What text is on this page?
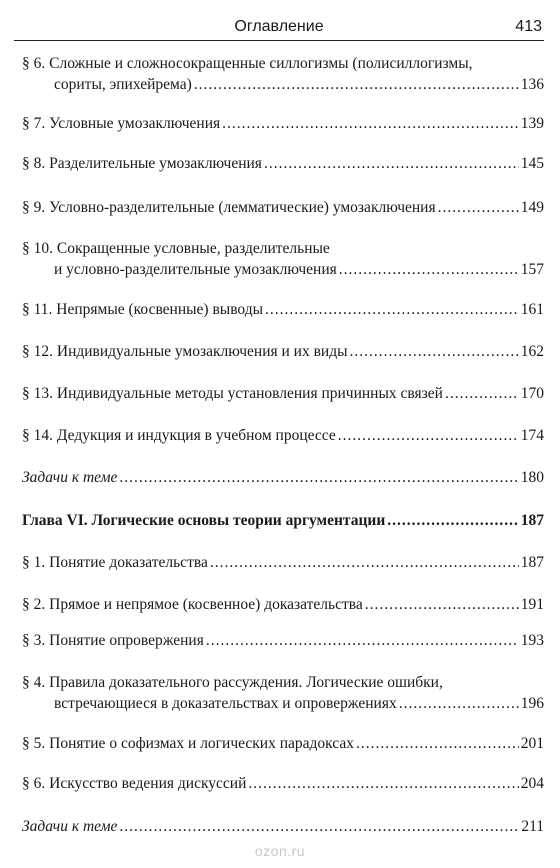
Оглавление	413
§ 6. Сложные и сложносокращенные силлогизмы (полисиллогизмы,
сориты, эпихейрема) .....	136
§ 7. Условные умозаключения .....	139
§ 8. Разделительные умозаключения .....	145
§ 9. Условно-разделительные (лемматические) умозаключения .....	149
§ 10. Сокращенные условные, разделительные
и условно-разделительные умозаключения .....	157
§ 11. Непрямые (косвенные) выводы .....	161
§ 12. Индивидуальные умозаключения и их виды .....	162
§ 13. Индивидуальные методы установления причинных связей .....	170
§ 14. Дедукция и индукция в учебном процессе .....	174
Задачи к теме .....	180
Глава VI. Логические основы теории аргументации .....	187
§ 1. Понятие доказательства .....	187
§ 2. Прямое и непрямое (косвенное) доказательства .....	191
§ 3. Понятие опровержения .....	193
§ 4. Правила доказательного рассуждения. Логические ошибки,
встречающиеся в доказательствах и опровержениях .....	196
§ 5. Понятие о софизмах и логических парадоксах .....	201
§ 6. Искусство ведения дискуссий .....	204
Задачи к теме .....	211
ozon.ru
